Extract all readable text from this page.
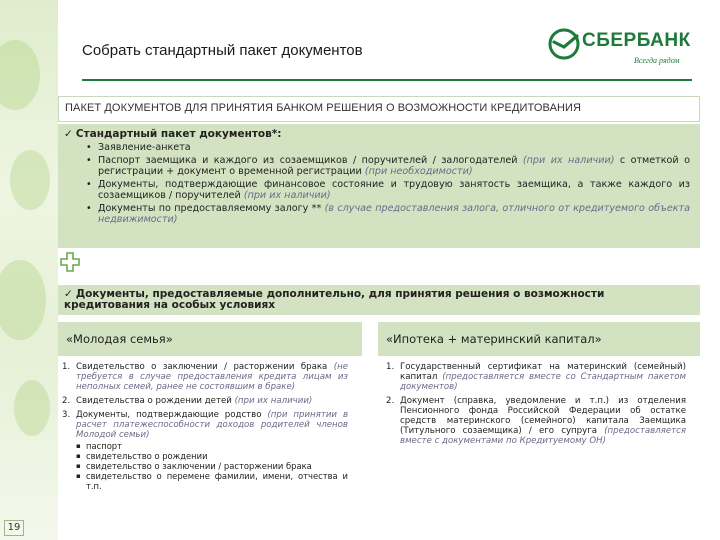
Собрать стандартный пакет документов	СБЕРБАНК
Всегда рядом
ПАКЕТ ДОКУМЕНТОВ ДЛЯ ПРИНЯТИЯ БАНКОМ РЕШЕНИЯ О ВОЗМОЖНОСТИ КРЕДИТОВАНИЯ
✓ Стандартный пакет документов*:
• Заявление-анкета
• Паспорт заемщика и каждого из созаемщиков / поручителей / залогодателей (при их наличии) с отметкой о регистрации + документ о временной регистрации (при необходимости)
• Документы, подтверждающие финансовое состояние и трудовую занятость заемщика, а также каждого из созаемщиков / поручителей (при их наличии)
• Документы по предоставляемому залогу ** (в случае предоставления залога, отличного от кредитуемого объекта недвижимости)
✓ Документы, предоставляемые дополнительно, для принятия решения о возможности кредитования на особых условиях
«Молодая семья»	«Ипотека + материнский капитал»
1. Свидетельство о заключении / расторжении брака (не требуется в случае предоставления кредита лицам из неполных семей, ранее не состоявшим в браке)
2. Свидетельства о рождении детей (при их наличии)
3. Документы, подтверждающие родство (при принятии в расчет платежеспособности доходов родителей членов Молодой семьи)
▪ паспорт
▪ свидетельство о рождении
▪ свидетельство о заключении / расторжении брака
▪ свидетельство о перемене фамилии, имени, отчества и т.п.
1. Государственный сертификат на материнский (семейный) капитал (предоставляется вместе со Стандартным пакетом документов)
2. Документ (справка, уведомление и т.п.) из отделения Пенсионного фонда Российской Федерации об остатке средств материнского (семейного) капитала Заемщика (Титульного созаемщика) / его супруга (предоставляется вместе с документами по Кредитуемому ОН)
19
